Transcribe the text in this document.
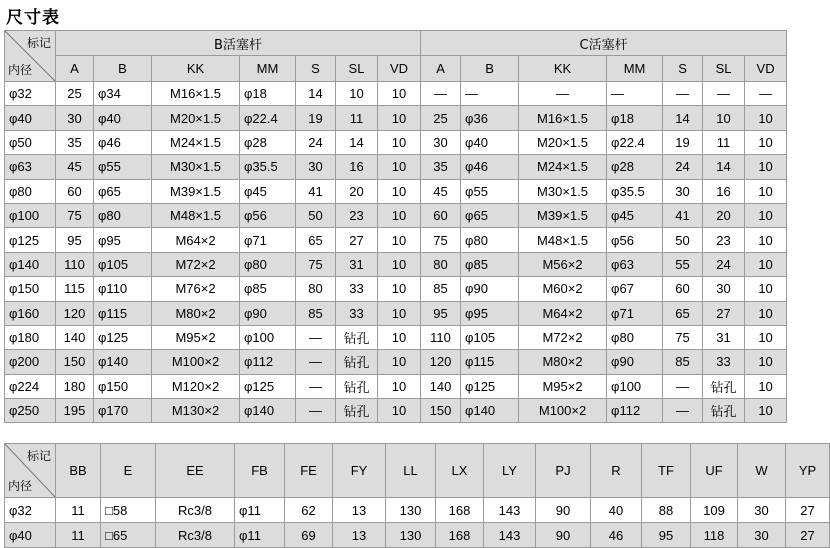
尺寸表
标记
内径	B活塞杆							C活塞杆						
	A	B	KK	MM	S	SL	VD	A	B	KK	MM	S	SL	VD
φ32	25	φ34	M16×1.5	φ18	14	10	10	—	—	—	—	—	—	—
φ40	30	φ40	M20×1.5	φ22.4	19	11	10	25	φ36	M16×1.5	φ18	14	10	10
φ50	35	φ46	M24×1.5	φ28	24	14	10	30	φ40	M20×1.5	φ22.4	19	11	10
φ63	45	φ55	M30×1.5	φ35.5	30	16	10	35	φ46	M24×1.5	φ28	24	14	10
φ80	60	φ65	M39×1.5	φ45	41	20	10	45	φ55	M30×1.5	φ35.5	30	16	10
φ100	75	φ80	M48×1.5	φ56	50	23	10	60	φ65	M39×1.5	φ45	41	20	10
φ125	95	φ95	M64×2	φ71	65	27	10	75	φ80	M48×1.5	φ56	50	23	10
φ140	110	φ105	M72×2	φ80	75	31	10	80	φ85	M56×2	φ63	55	24	10
φ150	115	φ110	M76×2	φ85	80	33	10	85	φ90	M60×2	φ67	60	30	10
φ160	120	φ115	M80×2	φ90	85	33	10	95	φ95	M64×2	φ71	65	27	10
φ180	140	φ125	M95×2	φ100	—	钻孔	10	110	φ105	M72×2	φ80	75	31	10
φ200	150	φ140	M100×2	φ112	—	钻孔	10	120	φ115	M80×2	φ90	85	33	10
φ224	180	φ150	M120×2	φ125	—	钻孔	10	140	φ125	M95×2	φ100	—	钻孔	10
φ250	195	φ170	M130×2	φ140	—	钻孔	10	150	φ140	M100×2	φ112	—	钻孔	10
标记
内径	BB	E	EE	FB	FE	FY	LL	LX	LY	PJ	R	TF	UF	W	YP
φ32	11	□58	Rc3/8	φ11	62	13	130	168	143	90	40	88	109	30	27
φ40	11	□65	Rc3/8	φ11	69	13	130	168	143	90	46	95	118	30	27
